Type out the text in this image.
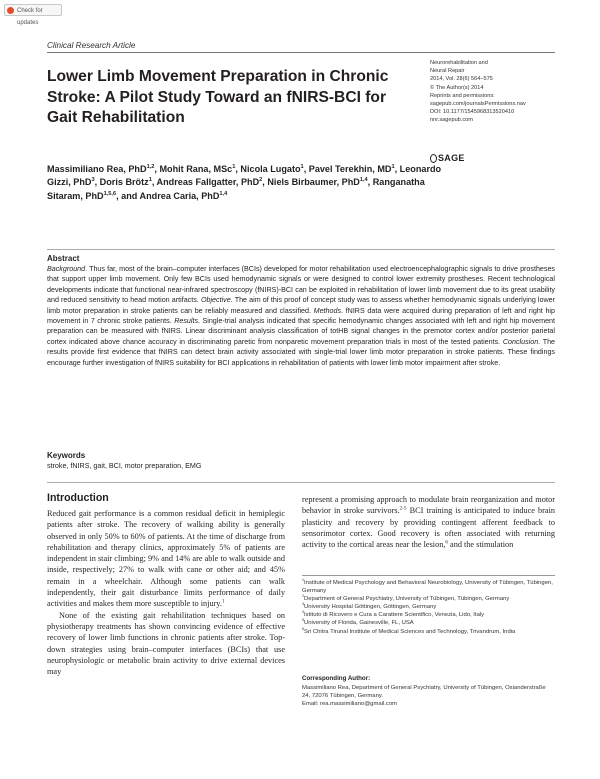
Check for updates
Clinical Research Article
Lower Limb Movement Preparation in Chronic Stroke: A Pilot Study Toward an fNIRS-BCI for Gait Rehabilitation
Neurorehabilitation and
Neural Repair
2014, Vol. 28(6) 564–575
© The Author(s) 2014
Reprints and permissions:
sagepub.com/journalsPermissions.nav
DOI: 10.1177/1545968313520410
nnr.sagepub.com
SAGE
Massimiliano Rea, PhD$^{1,2}$, Mohit Rana, MSc$^1$, Nicola Lugato$^1$, Pavel Terekhin, $MD^1$, Leonardo Gizzi, PhD$^3$, Doris Brötz$^1$, Andreas Fallgatter, PhD$^2$, Niels Birbaumer, PhD$^{1,4}$, Ranganatha Sitaram, PhD$^{1,5,6}$, and Andrea Caria, PhD$^{1,4}$
Abstract
Background. Thus far, most of the brain–computer interfaces (BCIs) developed for motor rehabilitation used electroencephalographic signals to drive prostheses that support upper limb movement. Only few BCIs used hemodynamic signals or were designed to control lower extremity prostheses. Recent technological developments indicate that functional near-infrared spectroscopy (fNIRS)-BCI can be exploited in rehabilitation of lower limb movement due to its great usability and reduced sensitivity to head motion artifacts. Objective. The aim of this proof of concept study was to assess whether hemodynamic signals underlying lower limb motor preparation in stroke patients can be reliably measured and classified. Methods. fNIRS data were acquired during preparation of left and right hip movement in 7 chronic stroke patients. Results. Single-trial analysis indicated that specific hemodynamic changes associated with left and right hip movement preparation can be measured with fNIRS. Linear discriminant analysis classification of totHB signal changes in the premotor cortex and/or posterior parietal cortex indicated above chance accuracy in discriminating paretic from nonparetic movement preparation trials in most of the tested patients. Conclusion. The results provide first evidence that fNIRS can detect brain activity associated with single-trial lower limb motor preparation in stroke patients. These findings encourage further investigation of fNIRS suitability for BCI applications in rehabilitation of patients with lower limb motor impairment after stroke.
Keywords
stroke, fNIRS, gait, BCI, motor preparation, EMG
Introduction

Reduced gait performance is a common residual deficit in hemiplegic patients after stroke. The recovery of walking ability is generally observed in only 50% to 60% of patients. At the time of discharge from rehabilitation and therapy clinics, approximately 5% of patients are independent in stair climbing; 9% and 14% are able to walk outside and inside, respectively; 27% to walk with cane or other aid; and 45% remain in a wheelchair. Although some patients can walk independently, their gait disturbance limits performance of daily activities and makes them more susceptible to injury.$^1$

None of the existing gait rehabilitation techniques based on physiotherapy treatments has shown convincing evidence of effective recovery of lower limb functions in chronic patients after stroke. Top-down strategies using brain–computer interfaces (BCIs) that use neurophysiologic or metabolic brain activity to drive external devices may

represent a promising approach to modulate brain reorganization and motor behavior in stroke survivors.$^{2-5}$ BCI training is anticipated to induce brain plasticity and recovery by providing contingent afferent feedback to sensorimotor cortex. Good recovery is often associated with returning activity to the cortical areas near the lesion,$^6$ and the stimulation

$^1$Institute of Medical Psychology and Behavioral Neurobiology, University of Tübingen, Tübingen, Germany
$^2$Department of General Psychiatry, University of Tübingen, Tübingen, Germany
$^3$University Hospital Göttingen, Göttingen, Germany
$^4$Istituto di Ricovero e Cura a Carattere Scientifico, Venezia, Lido, Italy
$^5$University of Florida, Gainesville, FL, USA
$^6$Sri Chitra Tirunal Institute of Medical Sciences and Technology, Trivandrum, India
Corresponding Author:
Massimiliano Rea, Department of General Psychiatry, University of Tübingen, Osianderstraße 24, 72076 Tübingen, Germany.
Email: rea.massimiliano@gmail.com
